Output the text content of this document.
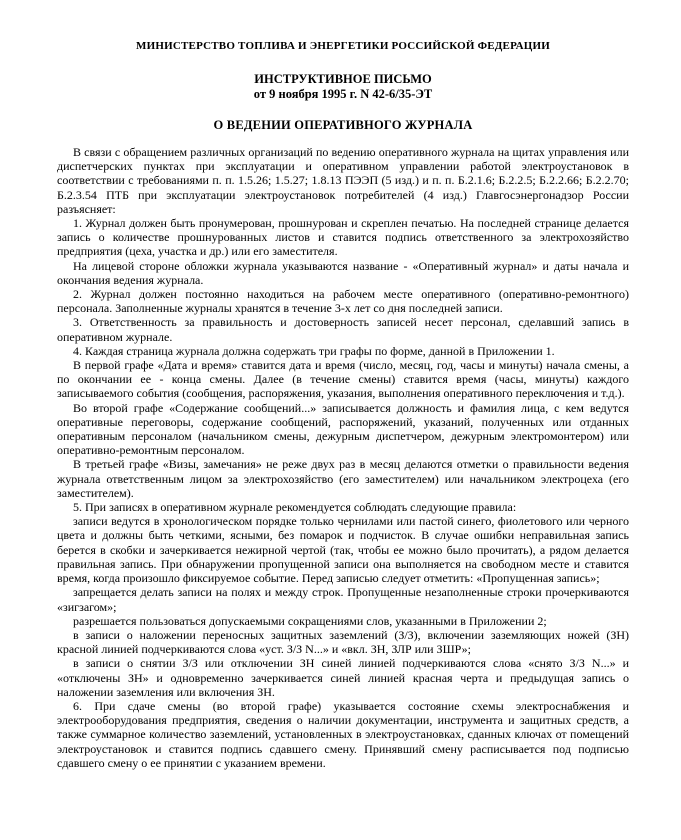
МИНИСТЕРСТВО ТОПЛИВА И ЭНЕРГЕТИКИ РОССИЙСКОЙ ФЕДЕРАЦИИ
ИНСТРУКТИВНОЕ ПИСЬМО
от 9 ноября 1995 г. N 42-6/35-ЭТ
О ВЕДЕНИИ ОПЕРАТИВНОГО ЖУРНАЛА

В связи с обращением различных организаций по ведению оперативного журнала на щитах управления или диспетчерских пунктах при эксплуатации и оперативном управлении работой электроустановок в соответствии с требованиями п. п. 1.5.26; 1.5.27; 1.8.13 ПЭЭП (5 изд.) и п. п. Б.2.1.6; Б.2.2.5; Б.2.2.66; Б.2.2.70; Б.2.3.54 ПТБ при эксплуатации электроустановок потребителей (4 изд.) Главгосэнергонадзор России разъясняет:

1. Журнал должен быть пронумерован, прошнурован и скреплен печатью. На последней странице делается запись о количестве прошнурованных листов и ставится подпись ответственного за электрохозяйство предприятия (цеха, участка и др.) или его заместителя.

На лицевой стороне обложки журнала указываются название - «Оперативный журнал» и даты начала и окончания ведения журнала.

2. Журнал должен постоянно находиться на рабочем месте оперативного (оперативно-ремонтного) персонала. Заполненные журналы хранятся в течение 3-х лет со дня последней записи.

3. Ответственность за правильность и достоверность записей несет персонал, сделавший запись в оперативном журнале.

4. Каждая страница журнала должна содержать три графы по форме, данной в Приложении 1.

В первой графе «Дата и время» ставится дата и время (число, месяц, год, часы и минуты) начала смены, а по окончании ее - конца смены. Далее (в течение смены) ставится время (часы, минуты) каждого записываемого события (сообщения, распоряжения, указания, выполнения оперативного переключения и т.д.).

Во второй графе «Содержание сообщений...» записывается должность и фамилия лица, с кем ведутся оперативные переговоры, содержание сообщений, распоряжений, указаний, полученных или отданных оперативным персоналом (начальником смены, дежурным диспетчером, дежурным электромонтером) или оперативно-ремонтным персоналом.

В третьей графе «Визы, замечания» не реже двух раз в месяц делаются отметки о правильности ведения журнала ответственным лицом за электрохозяйство (его заместителем) или начальником электроцеха (его заместителем).

5. При записях в оперативном журнале рекомендуется соблюдать следующие правила:

записи ведутся в хронологическом порядке только чернилами или пастой синего, фиолетового или черного цвета и должны быть четкими, ясными, без помарок и подчисток. В случае ошибки неправильная запись берется в скобки и зачеркивается нежирной чертой (так, чтобы ее можно было прочитать), а рядом делается правильная запись. При обнаружении пропущенной записи она выполняется на свободном месте и ставится время, когда произошло фиксируемое событие. Перед записью следует отметить: «Пропущенная запись»;

запрещается делать записи на полях и между строк. Пропущенные незаполненные строки прочеркиваются «зигзагом»;

разрешается пользоваться допускаемыми сокращениями слов, указанными в Приложении 2;

в записи о наложении переносных защитных заземлений (З/З), включении заземляющих ножей (ЗН) красной линией подчеркиваются слова «уст. З/З N...» и «вкл. ЗН, ЗЛР или ЗШР»;

в записи о снятии З/З или отключении ЗН синей линией подчеркиваются слова «снято З/З N...» и «отключены ЗН» и одновременно зачеркивается синей линией красная черта и предыдущая запись о наложении заземления или включения ЗН.

6. При сдаче смены (во второй графе) указывается состояние схемы электроснабжения и электрооборудования предприятия, сведения о наличии документации, инструмента и защитных средств, а также суммарное количество заземлений, установленных в электроустановках, сданных ключах от помещений электроустановок и ставится подпись сдавшего смену. Принявший смену расписывается под подписью сдавшего смену о ее принятии с указанием времени.
